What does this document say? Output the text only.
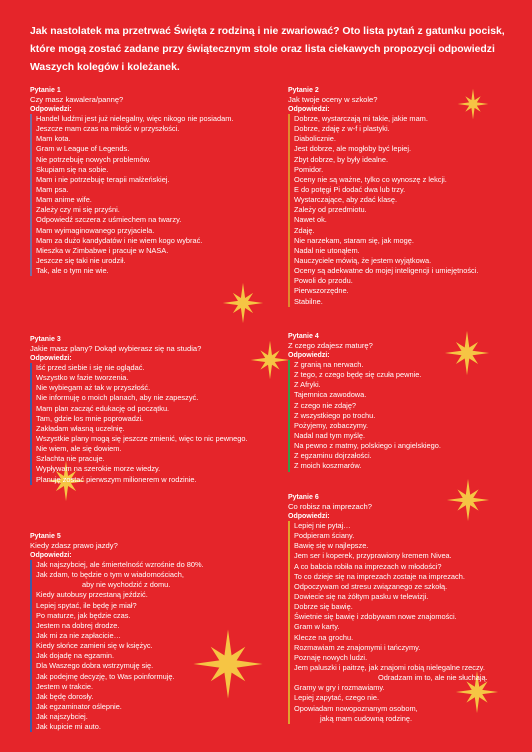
Jak nastolatek ma przetrwać Święta z rodziną i nie zwariować? Oto lista pytań z gatunku pocisk, które mogą zostać zadane przy świątecznym stole oraz lista ciekawych propozycji odpowiedzi Waszych kolegów i koleżanek.

Pytanie 1
Czy masz kawalera/pannę?
Odpowiedzi:
Handel ludźmi jest już nielegalny, więc nikogo nie posiadam.
Jeszcze mam czas na miłość w przyszłości.
Mam kota.
Gram w League of Legends.
Nie potrzebuję nowych problemów.
Skupiam się na sobie.
Mam i nie potrzebuję terapii małżeńskiej.
Mam psa.
Mam anime wife.
Zależy czy mi się przyśni.
Odpowiedź szczera z uśmiechem na twarzy.
Mam wyimaginowanego przyjaciela.
Mam za dużo kandydatów i nie wiem kogo wybrać.
Mieszka w Zimbabwe i pracuje w NASA.
Jeszcze się taki nie urodził.
Tak, ale o tym nie wie.
Pytanie 2
Jak twoje oceny w szkole?
Odpowiedzi:
Dobrze, wystarczają mi takie, jakie mam.
Dobrze, zdaję z w-f i plastyki.
Diabolicznie.
Jest dobrze, ale mogłoby być lepiej.
Zbyt dobrze, by były idealne.
Pomidor.
Oceny nie są ważne, tylko co wynoszę z lekcji.
E do potęgi Pi dodać dwa lub trzy.
Wystarczające, aby zdać klasę.
Zależy od przedmiotu.
Nawet ok.
Zdaję.
Nie narzekam, staram się, jak mogę.
Nadal nie utonąłem.
Nauczyciele mówią, że jestem wyjątkowa.
Oceny są adekwatne do mojej inteligencji i umiejętności.
Powoli do przodu.
Pierwszorzędne.
Stabilne.
Pytanie 3
Jakie masz plany? Dokąd wybierasz się na studia?
Odpowiedzi:
Iść przed siebie i się nie oglądać.
Wszystko w fazie tworzenia.
Nie wybiegam aż tak w przyszłość.
Nie informuję o moich planach, aby nie zapeszyć.
Mam plan zacząć edukację od początku.
Tam, gdzie los mnie poprowadzi.
Zakładam własną uczelnię.
Wszystkie plany mogą się jeszcze zmienić, więc to nic pewnego.
Nie wiem, ale się dowiem.
Szlachta nie pracuje.
Wypływam na szerokie morze wiedzy.
Planuję zostać pierwszym milionerem w rodzinie.
Pytanie 4
Z czego zdajesz maturę?
Odpowiedzi:
Z granią na nerwach.
Z tego, z czego będę się czuła pewnie.
Z Afryki.
Tajemnica zawodowa.
Z czego nie zdaję?
Z wszystkiego po trochu.
Pożyjemy, zobaczymy.
Nadal nad tym myślę.
Na pewno z matmy, polskiego i angielskiego.
Z egzaminu dojrzałości.
Z moich koszmarów.
Pytanie 5
Kiedy zdasz prawo jazdy?
Odpowiedzi:
Jak najszybciej, ale śmiertelność wzrośnie do 80%.
Jak zdam, to będzie o tym w wiadomościach,
aby nie wychodzić z domu.
Kiedy autobusy przestaną jeździć.
Lepiej spytać, ile będę je miał?
Po maturze, jak będzie czas.
Jestem na dobrej drodze.
Jak mi za nie zapłacicie…
Kiedy słońce zamieni się w księżyc.
Jak dojadę na egzamin.
Dla Waszego dobra wstrzymuję się.
Jak podejmę decyzję, to Was poinformuję.
Jestem w trakcie.
Jak będę dorosły.
Jak egzaminator oślepnie.
Jak najszybciej.
Jak kupicie mi auto.
Pytanie 6
Co robisz na imprezach?
Odpowiedzi:
Lepiej nie pytaj…
Podpieram ściany.
Bawię się w najlepsze.
Jem ser i koperek, przyprawiony kremem Nivea.
A co babcia robiła na imprezach w młodości?
To co dzieje się na imprezach zostaje na imprezach.
Odpoczywam od stresu związanego ze szkołą.
Dowiecie się na żółtym pasku w telewizji.
Dobrze się bawię.
Świetnie się bawię i zdobywam nowe znajomości.
Gram w karty.
Klecze na grochu.
Rozmawiam ze znajomymi i tańczymy.
Poznaję nowych ludzi.
Jem paluszki i paitrzę, jak znajomi robią nielegalne rzeczy.
Odradzam im to, ale nie słuchają.
Gramy w gry i rozmawiamy.
Lepiej zapytać, czego nie.
Opowiadam nowopoznanym osobom,
jaką mam cudowną rodzinę.
